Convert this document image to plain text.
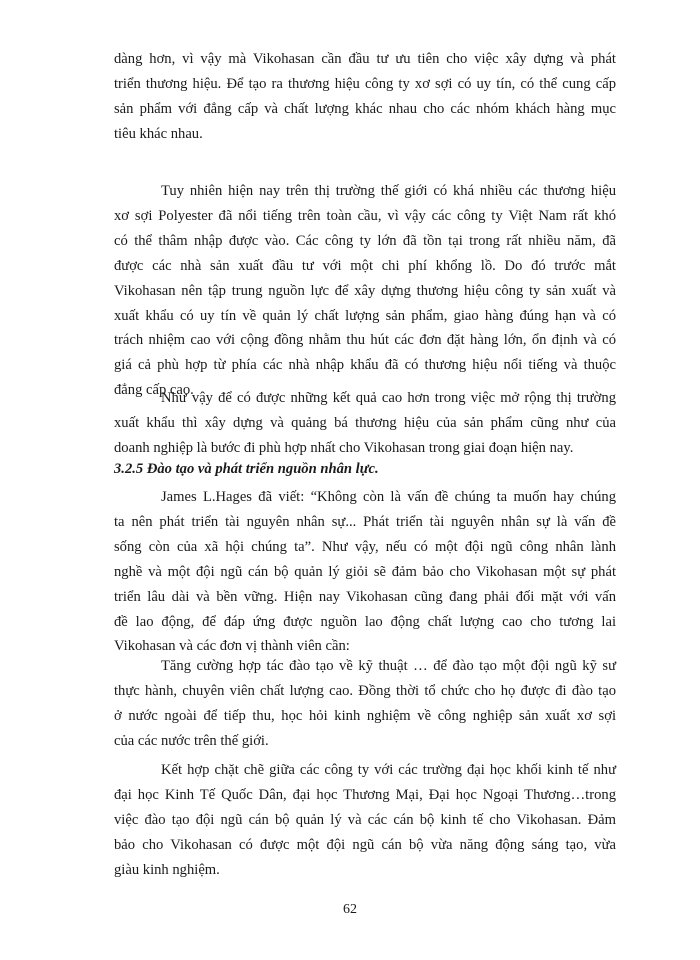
dàng hơn, vì vậy mà Vikohasan cần đầu tư ưu tiên cho việc xây dựng và phát
triển thương hiệu. Để tạo ra thương hiệu công ty xơ sợi có uy tín, có thể cung cấp
sản phẩm với đẳng cấp và chất lượng khác nhau cho các nhóm khách hàng mục
tiêu khác nhau.

Tuy nhiên hiện nay trên thị trường thế giới có khá nhiều các thương hiệu
xơ sợi Polyester đã nổi tiếng trên toàn cầu, vì vậy các công ty Việt Nam rất khó
có thể thâm nhập được vào. Các công ty lớn đã tồn tại trong rất nhiều năm, đã
được các nhà sản xuất đầu tư với một chi phí khổng lồ. Do đó trước mắt
Vikohasan nên tập trung nguồn lực để xây dựng thương hiệu công ty sản xuất và
xuất khẩu có uy tín về quản lý chất lượng sản phẩm, giao hàng đúng hạn và có
trách nhiệm cao với cộng đồng nhằm thu hút các đơn đặt hàng lớn, ổn định và có
giá cả phù hợp từ phía các nhà nhập khẩu đã có thương hiệu nổi tiếng và thuộc
đẳng cấp cao.

Như vậy để có được những kết quả cao hơn trong việc mở rộng thị trường
xuất khẩu thì xây dựng và quảng bá thương hiệu của sản phẩm cũng như của
doanh nghiệp là bước đi phù hợp nhất cho Vikohasan trong giai đoạn hiện nay.

3.2.5 Đào tạo và phát triển nguồn nhân lực.

James L.Hages đã viết: “Không còn là vấn đề chúng ta muốn hay chúng
ta nên phát triển tài nguyên nhân sự... Phát triển tài nguyên nhân sự là vấn đề
sống còn của xã hội chúng ta”. Như vậy, nếu có một đội ngũ công nhân lành
nghề và một đội ngũ cán bộ quản lý giỏi sẽ đảm bảo cho Vikohasan một sự phát
triển lâu dài và bền vững. Hiện nay Vikohasan cũng đang phải đối mặt với vấn
đề lao động, để đáp ứng được nguồn lao động chất lượng cao cho tương lai
Vikohasan và các đơn vị thành viên cần:

Tăng cường hợp tác đào tạo về kỹ thuật … để đào tạo một đội ngũ kỹ sư
thực hành, chuyên viên chất lượng cao. Đồng thời tổ chức cho họ được đi đào tạo
ở nước ngoài để tiếp thu, học hỏi kinh nghiệm về công nghiệp sản xuất xơ sợi
của các nước trên thế giới.

Kết hợp chặt chẽ giữa các công ty với các trường đại học khối kinh tế như
đại học Kinh Tế Quốc Dân, đại học Thương Mại, Đại học Ngoại Thương…trong
việc đào tạo đội ngũ cán bộ quản lý và các cán bộ kinh tế cho Vikohasan. Đảm
bảo cho Vikohasan có được một đội ngũ cán bộ vừa năng động sáng tạo, vừa
giàu kinh nghiệm.

62
